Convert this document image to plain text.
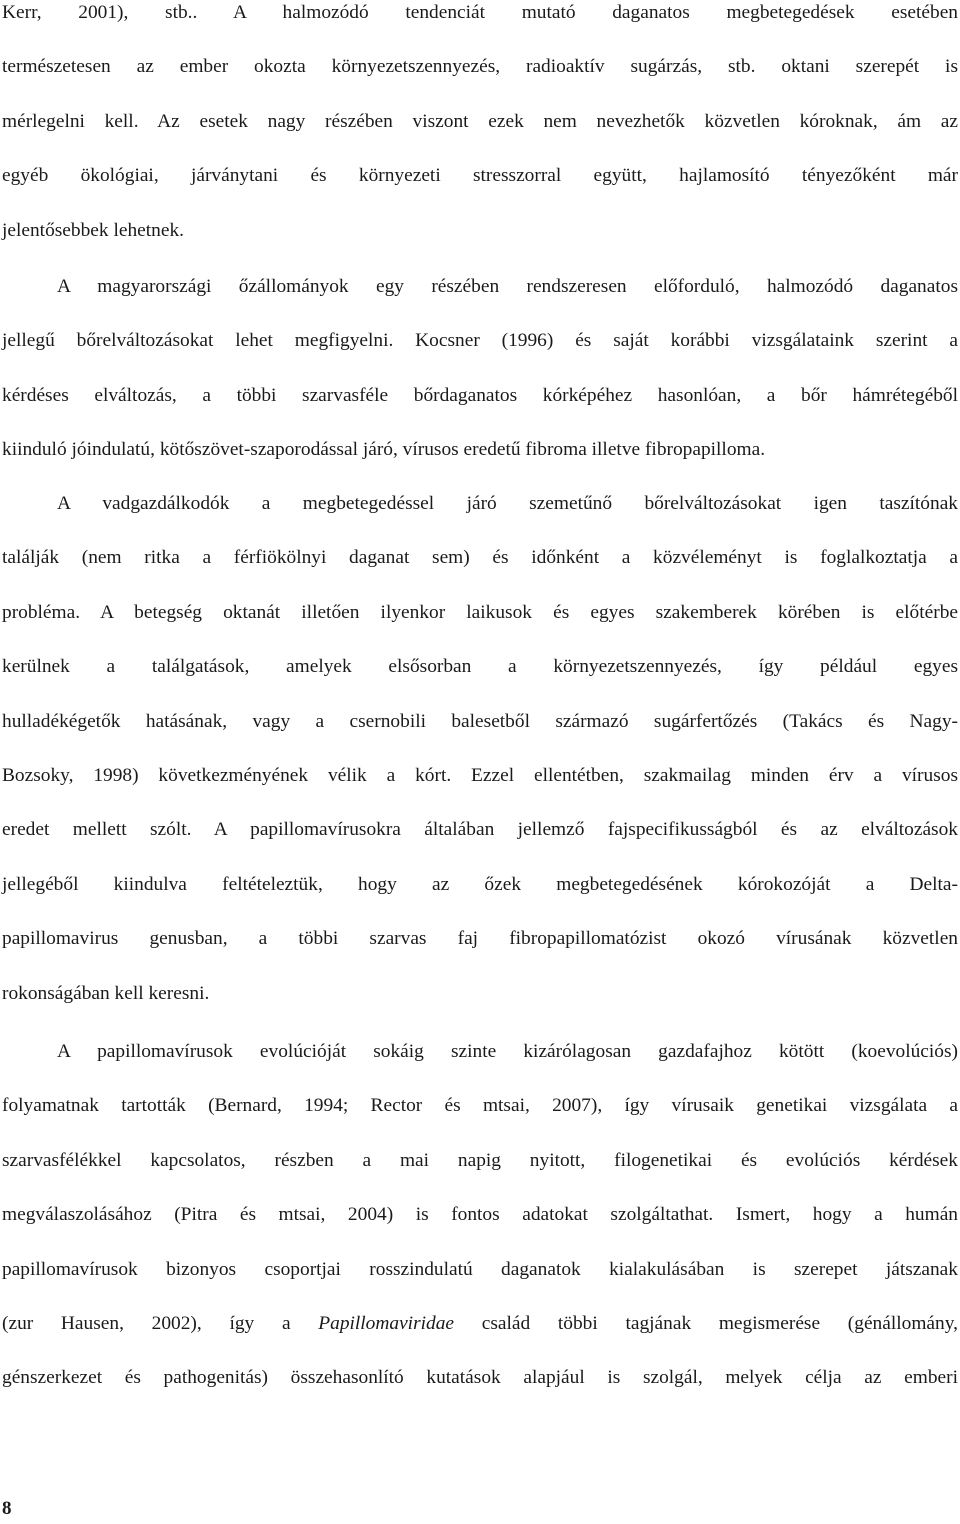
Kerr, 2001), stb.. A halmozódó tendenciát mutató daganatos megbetegedések esetében
természetesen az ember okozta környezetszennyezés, radioaktív sugárzás, stb. oktani szerepét is
mérlegelni kell. Az esetek nagy részében viszont ezek nem nevezhetők közvetlen kóroknak, ám az
egyéb ökológiai, járványtani és környezeti stresszorral együtt, hajlamosító tényezőként már
jelentősebbek lehetnek.

A magyarországi őzállományok egy részében rendszeresen előforduló, halmozódó daganatos
jellegű bőrelváltozásokat lehet megfigyelni. Kocsner (1996) és saját korábbi vizsgálataink szerint a
kérdéses elváltozás, a többi szarvasféle bőrdaganatos kórképéhez hasonlóan, a bőr hámrétegéből
kiinduló jóindulatú, kötőszövet-szaporodással járó, vírusos eredetű fibroma illetve fibropapilloma.

A vadgazdálkodók a megbetegedéssel járó szemetűnő bőrelváltozásokat igen taszítónak
találják (nem ritka a férfiökölnyi daganat sem) és időnként a közvéleményt is foglalkoztatja a
probléma. A betegség oktanát illetően ilyenkor laikusok és egyes szakemberek körében is előtérbe
kerülnek a találgatások, amelyek elsősorban a környezetszennyezés, így például egyes
hulladékégetők hatásának, vagy a csernobili balesetből származó sugárfertőzés (Takács és Nagy-
Bozsoky, 1998) következményének vélik a kórt. Ezzel ellentétben, szakmailag minden érv a vírusos
eredet mellett szólt. A papillomavírusokra általában jellemző fajspecifikusságból és az elváltozások
jellegéből kiindulva feltételeztük, hogy az őzek megbetegedésének kórokozóját a Delta-
papillomavirus genusban, a többi szarvas faj fibropapillomatózist okozó vírusának közvetlen
rokonságában kell keresni.

A papillomavírusok evolúcióját sokáig szinte kizárólagosan gazdafajhoz kötött (koevolúciós)
folyamatnak tartották (Bernard, 1994; Rector és mtsai, 2007), így vírusaik genetikai vizsgálata a
szarvasfélékkel kapcsolatos, részben a mai napig nyitott, filogenetikai és evolúciós kérdések
megválaszolásához (Pitra és mtsai, 2004) is fontos adatokat szolgáltathat. Ismert, hogy a humán
papillomavírusok bizonyos csoportjai rosszindulatú daganatok kialakulásában is szerepet játszanak
(zur Hausen, 2002), így a Papillomaviridae család többi tagjának megismerése (génállomány,
génszerkezet és pathogenitás) összehasonlító kutatások alapjául is szolgál, melyek célja az emberi

8
